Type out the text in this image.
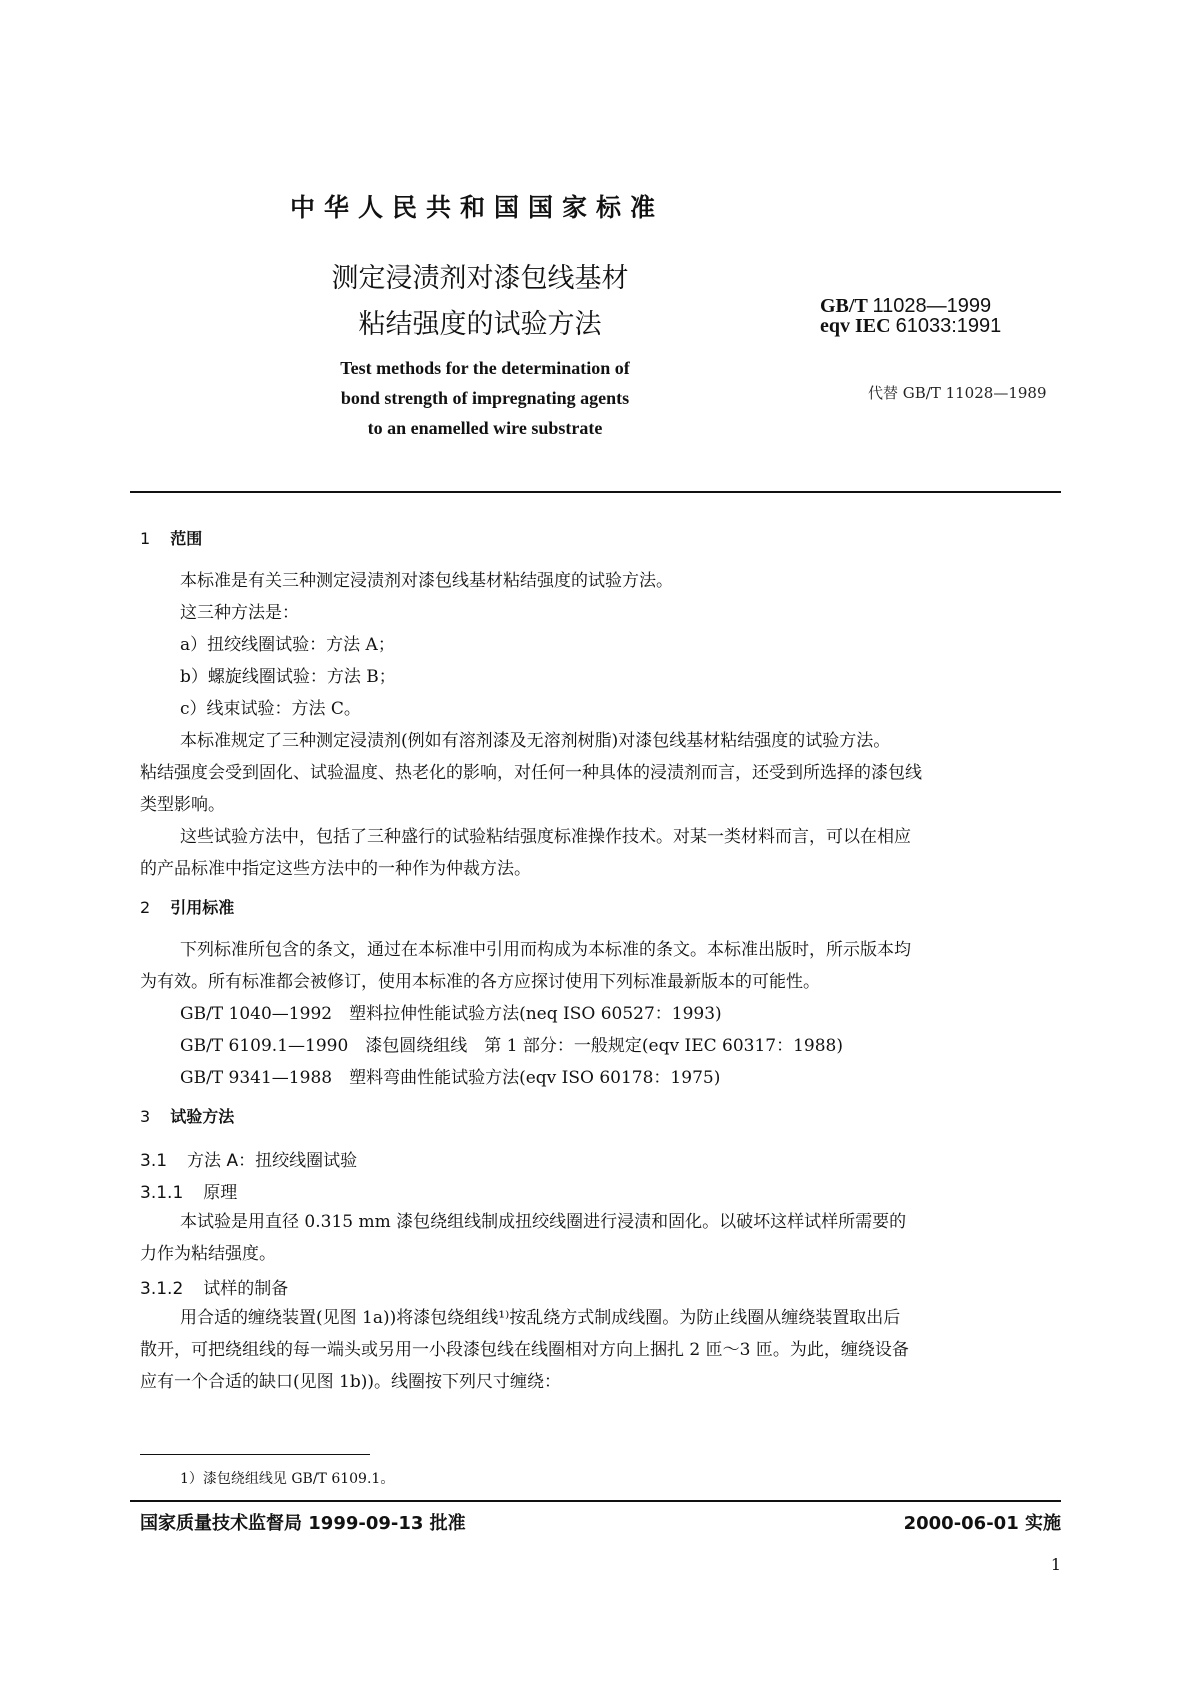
中华人民共和国国家标准
测定浸渍剂对漆包线基材
粘结强度的试验方法
GB/T 11028—1999
eqv IEC 61033:1991
代替 GB/T 11028—1989
Test methods for the determination of
bond strength of impregnating agents
to an enamelled wire substrate
1 范围
本标准是有关三种测定浸渍剂对漆包线基材粘结强度的试验方法。
这三种方法是：
a）扭绞线圈试验：方法 A；
b）螺旋线圈试验：方法 B；
c）线束试验：方法 C。
本标准规定了三种测定浸渍剂(例如有溶剂漆及无溶剂树脂)对漆包线基材粘结强度的试验方法。
粘结强度会受到固化、试验温度、热老化的影响，对任何一种具体的浸渍剂而言，还受到所选择的漆包线
类型影响。
这些试验方法中，包括了三种盛行的试验粘结强度标准操作技术。对某一类材料而言，可以在相应
的产品标准中指定这些方法中的一种作为仲裁方法。
2 引用标准
下列标准所包含的条文，通过在本标准中引用而构成为本标准的条文。本标准出版时，所示版本均
为有效。所有标准都会被修订，使用本标准的各方应探讨使用下列标准最新版本的可能性。
GB/T 1040—1992　塑料拉伸性能试验方法(neq ISO 60527：1993)
GB/T 6109.1—1990　漆包圆绕组线　第 1 部分：一般规定(eqv IEC 60317：1988)
GB/T 9341—1988　塑料弯曲性能试验方法(eqv ISO 60178：1975)
3 试验方法
3.1 方法 A：扭绞线圈试验
3.1.1 原理
本试验是用直径 0.315 mm 漆包绕组线制成扭绞线圈进行浸渍和固化。以破坏这样试样所需要的
力作为粘结强度。
3.1.2 试样的制备
用合适的缠绕装置(见图 1a))将漆包绕组线¹⁾按乱绕方式制成线圈。为防止线圈从缠绕装置取出后
散开，可把绕组线的每一端头或另用一小段漆包线在线圈相对方向上捆扎 2 匝～3 匝。为此，缠绕设备
应有一个合适的缺口(见图 1b))。线圈按下列尺寸缠绕：
1）漆包绕组线见 GB/T 6109.1。
国家质量技术监督局 1999-09-13 批准	2000-06-01 实施
1
